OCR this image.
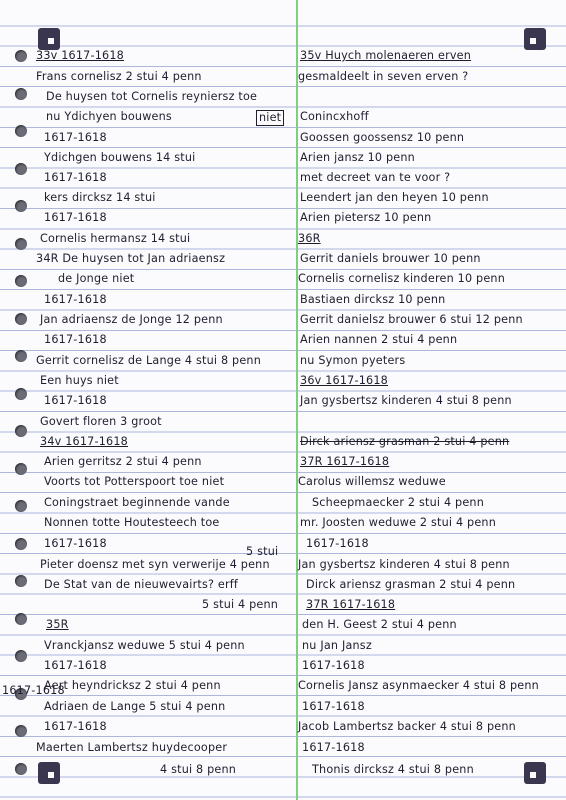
33v 1617-1618
Frans cornelisz 2 stui 4 penn
De huysen tot Cornelis reyniersz toe
nu Ydichyen bouwens
1617-1618
Ydichgen bouwens 14 stui
1617-1618
kers dircksz 14 stui
1617-1618
Cornelis hermansz 14 stui
34R De huysen tot Jan adriaensz
de Jonge niet
1617-1618
Jan adriaensz de Jonge 12 penn
1617-1618
Gerrit cornelisz de Lange 4 stui 8 penn
Een huys niet
1617-1618
Govert floren 3 groot
34v 1617-1618
Arien gerritsz 2 stui 4 penn
Voorts tot Potterspoort toe niet
Coningstraet beginnende vande
Nonnen totte Houtesteech toe
1617-1618
5 stui
Pieter doensz met syn verwerije 4 penn
De Stat van de nieuwevairts? erff
5 stui 4 penn
35R
Vranckjansz weduwe 5 stui 4 penn
1617-1618
Aert heyndricksz 2 stui 4 penn
1617-1618
Adriaen de Lange 5 stui 4 penn
1617-1618
Maerten Lambertsz huydecooper
4 stui 8 penn
35v Huych molenaeren erven
gesmaldeelt in seven erven ?
Conincxhoff
Goossen goossensz 10 penn
Arien jansz 10 penn
met decreet van te voor ?
Leendert jan den heyen 10 penn
Arien pietersz 10 penn
36R
Gerrit daniels brouwer 10 penn
Cornelis cornelisz kinderen 10 penn
Bastiaen dircksz 10 penn
Gerrit danielsz brouwer 6 stui 12 penn
Arien nannen 2 stui 4 penn
nu Symon pyeters
36v 1617-1618
Jan gysbertsz kinderen 4 stui 8 penn
Dirck ariensz grasman 2 stui 4 penn
37R 1617-1618
Carolus willemsz weduwe
Scheepmaecker 2 stui 4 penn
mr. Joosten weduwe 2 stui 4 penn
1617-1618
Jan gysbertsz kinderen 4 stui 8 penn
Dirck ariensz grasman 2 stui 4 penn
37R 1617-1618
den H. Geest 2 stui 4 penn
nu Jan Jansz
1617-1618
Cornelis Jansz asynmaecker 4 stui 8 penn
1617-1618
Jacob Lambertsz backer 4 stui 8 penn
1617-1618
Thonis dircksz 4 stui 8 penn
niet
